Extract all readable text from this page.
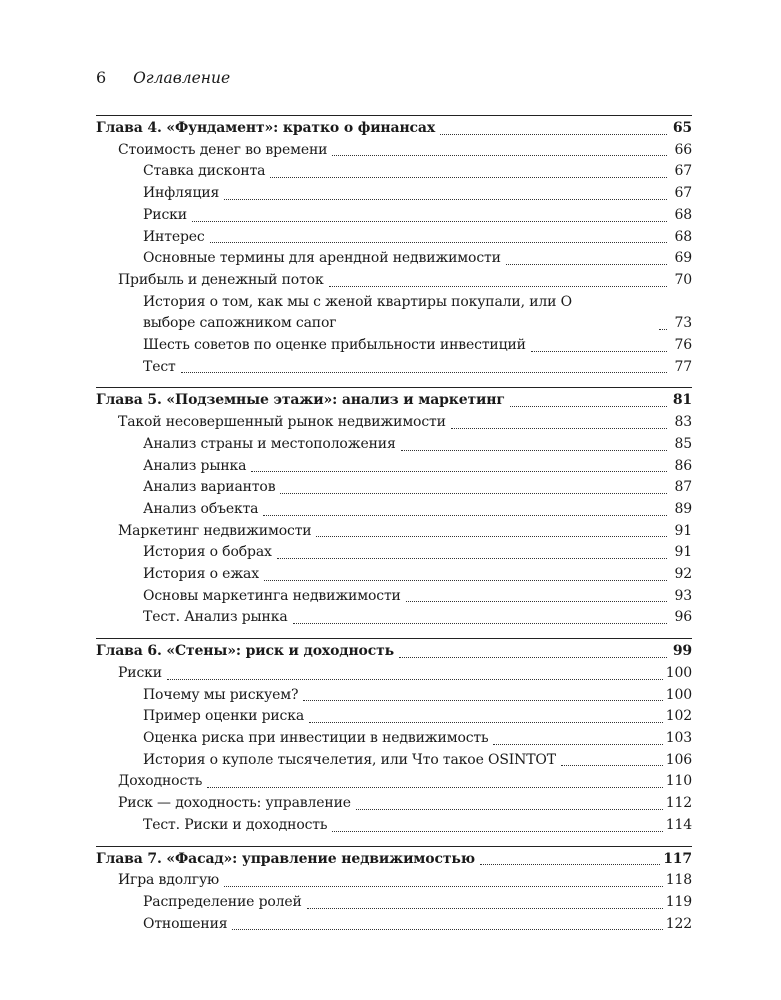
6 Оглавление
Глава 4. «Фундамент»: кратко о финансах	65
Стоимость денег во времени	66
Ставка дисконта	67
Инфляция	67
Риски	68
Интерес	68
Основные термины для арендной недвижимости	69
Прибыль и денежный поток	70
История о том, как мы с женой квартиры покупали, или О выборе сапожником сапог	73
Шесть советов по оценке прибыльности инвестиций	76
Тест	77
Глава 5. «Подземные этажи»: анализ и маркетинг	81
Такой несовершенный рынок недвижимости	83
Анализ страны и местоположения	85
Анализ рынка	86
Анализ вариантов	87
Анализ объекта	89
Маркетинг недвижимости	91
История о бобрах	91
История о ежах	92
Основы маркетинга недвижимости	93
Тест. Анализ рынка	96
Глава 6. «Стены»: риск и доходность	99
Риски	100
Почему мы рискуем?	100
Пример оценки риска	102
Оценка риска при инвестиции в недвижимость	103
История о куполе тысячелетия, или Что такое OSINTOT	106
Доходность	110
Риск — доходность: управление	112
Тест. Риски и доходность	114
Глава 7. «Фасад»: управление недвижимостью	117
Игра вдолгую	118
Распределение ролей	119
Отношения	122
